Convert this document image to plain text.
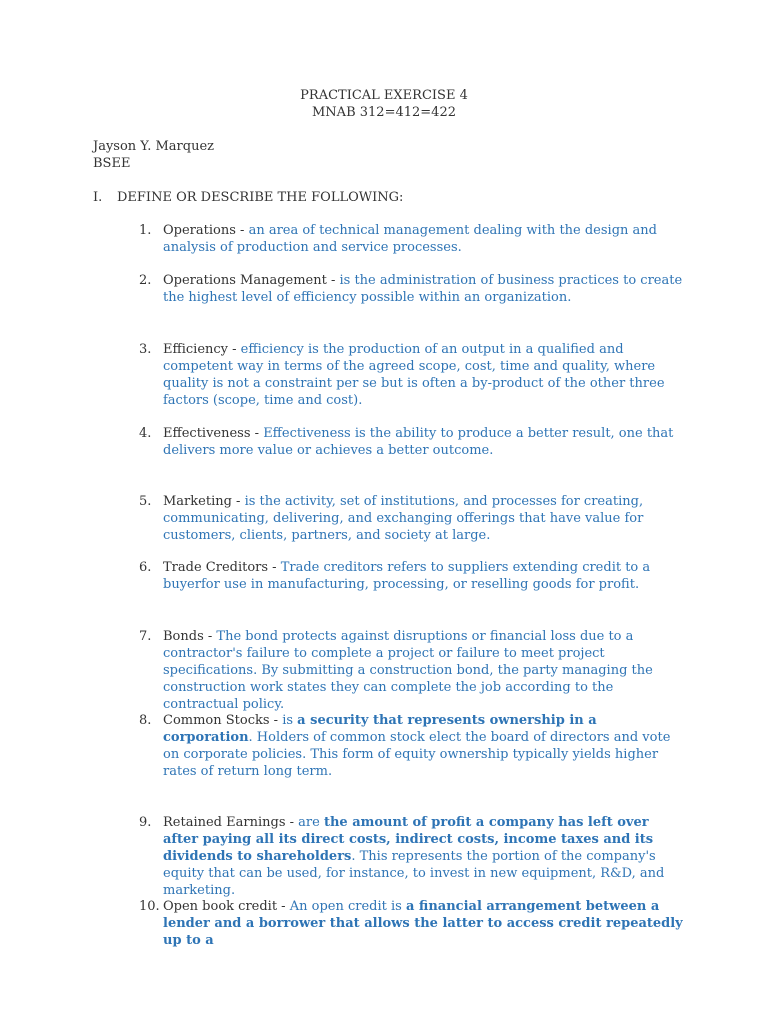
PRACTICAL EXERCISE 4
MNAB 312=412=422
Jayson Y. Marquez
BSEE
I. DEFINE OR DESCRIBE THE FOLLOWING:
1. Operations - an area of technical management dealing with the design and analysis of production and service processes.
2. Operations Management - is the administration of business practices to create the highest level of efficiency possible within an organization.
3. Efficiency - efficiency is the production of an output in a qualified and competent way in terms of the agreed scope, cost, time and quality, where quality is not a constraint per se but is often a by-product of the other three factors (scope, time and cost).
4. Effectiveness - Effectiveness is the ability to produce a better result, one that delivers more value or achieves a better outcome.
5. Marketing - is the activity, set of institutions, and processes for creating, communicating, delivering, and exchanging offerings that have value for customers, clients, partners, and society at large.
6. Trade Creditors - Trade creditors refers to suppliers extending credit to a buyerfor use in manufacturing, processing, or reselling goods for profit.
7. Bonds - The bond protects against disruptions or financial loss due to a contractor's failure to complete a project or failure to meet project specifications. By submitting a construction bond, the party managing the construction work states they can complete the job according to the contractual policy.
8. Common Stocks - is a security that represents ownership in a corporation. Holders of common stock elect the board of directors and vote on corporate policies. This form of equity ownership typically yields higher rates of return long term.
9. Retained Earnings - are the amount of profit a company has left over after paying all its direct costs, indirect costs, income taxes and its dividends to shareholders. This represents the portion of the company's equity that can be used, for instance, to invest in new equipment, R&D, and marketing.
10. Open book credit - An open credit is a financial arrangement between a lender and a borrower that allows the latter to access credit repeatedly up to a
